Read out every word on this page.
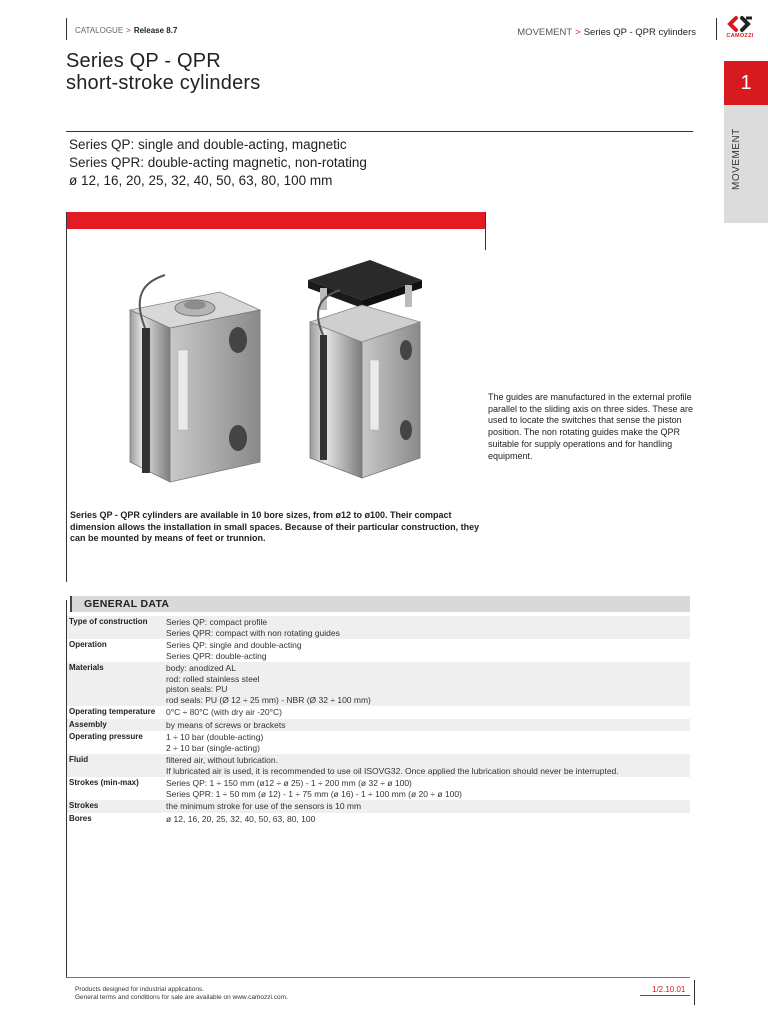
CATALOGUE > Release 8.7	MOVEMENT > Series QP - QPR cylinders	CAMOZZI
1
MOVEMENT
Series QP - QPR
short-stroke cylinders
Series QP: single and double-acting, magnetic
Series QPR: double-acting magnetic, non-rotating
ø 12, 16, 20, 25, 32, 40, 50, 63, 80, 100 mm
The guides are manufactured in the external profile parallel to the sliding axis on three sides. These are used to locate the switches that sense the piston position. The non rotating guides make the QPR suitable for supply operations and for handling equipment.
Series QP - QPR cylinders are available in 10 bore sizes, from ø12 to ø100. Their compact dimension allows the installation in small spaces. Because of their particular construction, they can be mounted by means of feet or trunnion.
GENERAL DATA
Type of construction	Series QP: compact profile
Series QPR: compact with non rotating guides
Operation	Series QP: single and double-acting
Series QPR: double-acting
Materials	body: anodized AL
rod: rolled stainless steel
piston seals: PU
rod seals: PU (Ø 12 ÷ 25 mm) - NBR (Ø 32 ÷ 100 mm)
Operating temperature	0°C ÷ 80°C (with dry air -20°C)
Assembly	by means of screws or brackets
Operating pressure	1 ÷ 10 bar (double-acting)
2 ÷ 10 bar (single-acting)
Fluid	filtered air, without lubrication.
If lubricated air is used, it is recommended to use oil ISOVG32. Once applied the lubrication should never be interrupted.
Strokes (min-max)	Series QP: 1 ÷ 150 mm (ø12 ÷ ø 25) - 1 ÷ 200 mm (ø 32 ÷ ø 100)
Series QPR: 1 ÷ 50 mm (ø 12) - 1 ÷ 75 mm (ø 16) - 1 ÷ 100 mm (ø 20 ÷ ø 100)
Strokes	the minimum stroke for use of the sensors is 10 mm
Bores	ø 12, 16, 20, 25, 32, 40, 50, 63, 80, 100
Products designed for industrial applications.
General terms and conditions for sale are available on www.camozzi.com.
1/2.10.01
